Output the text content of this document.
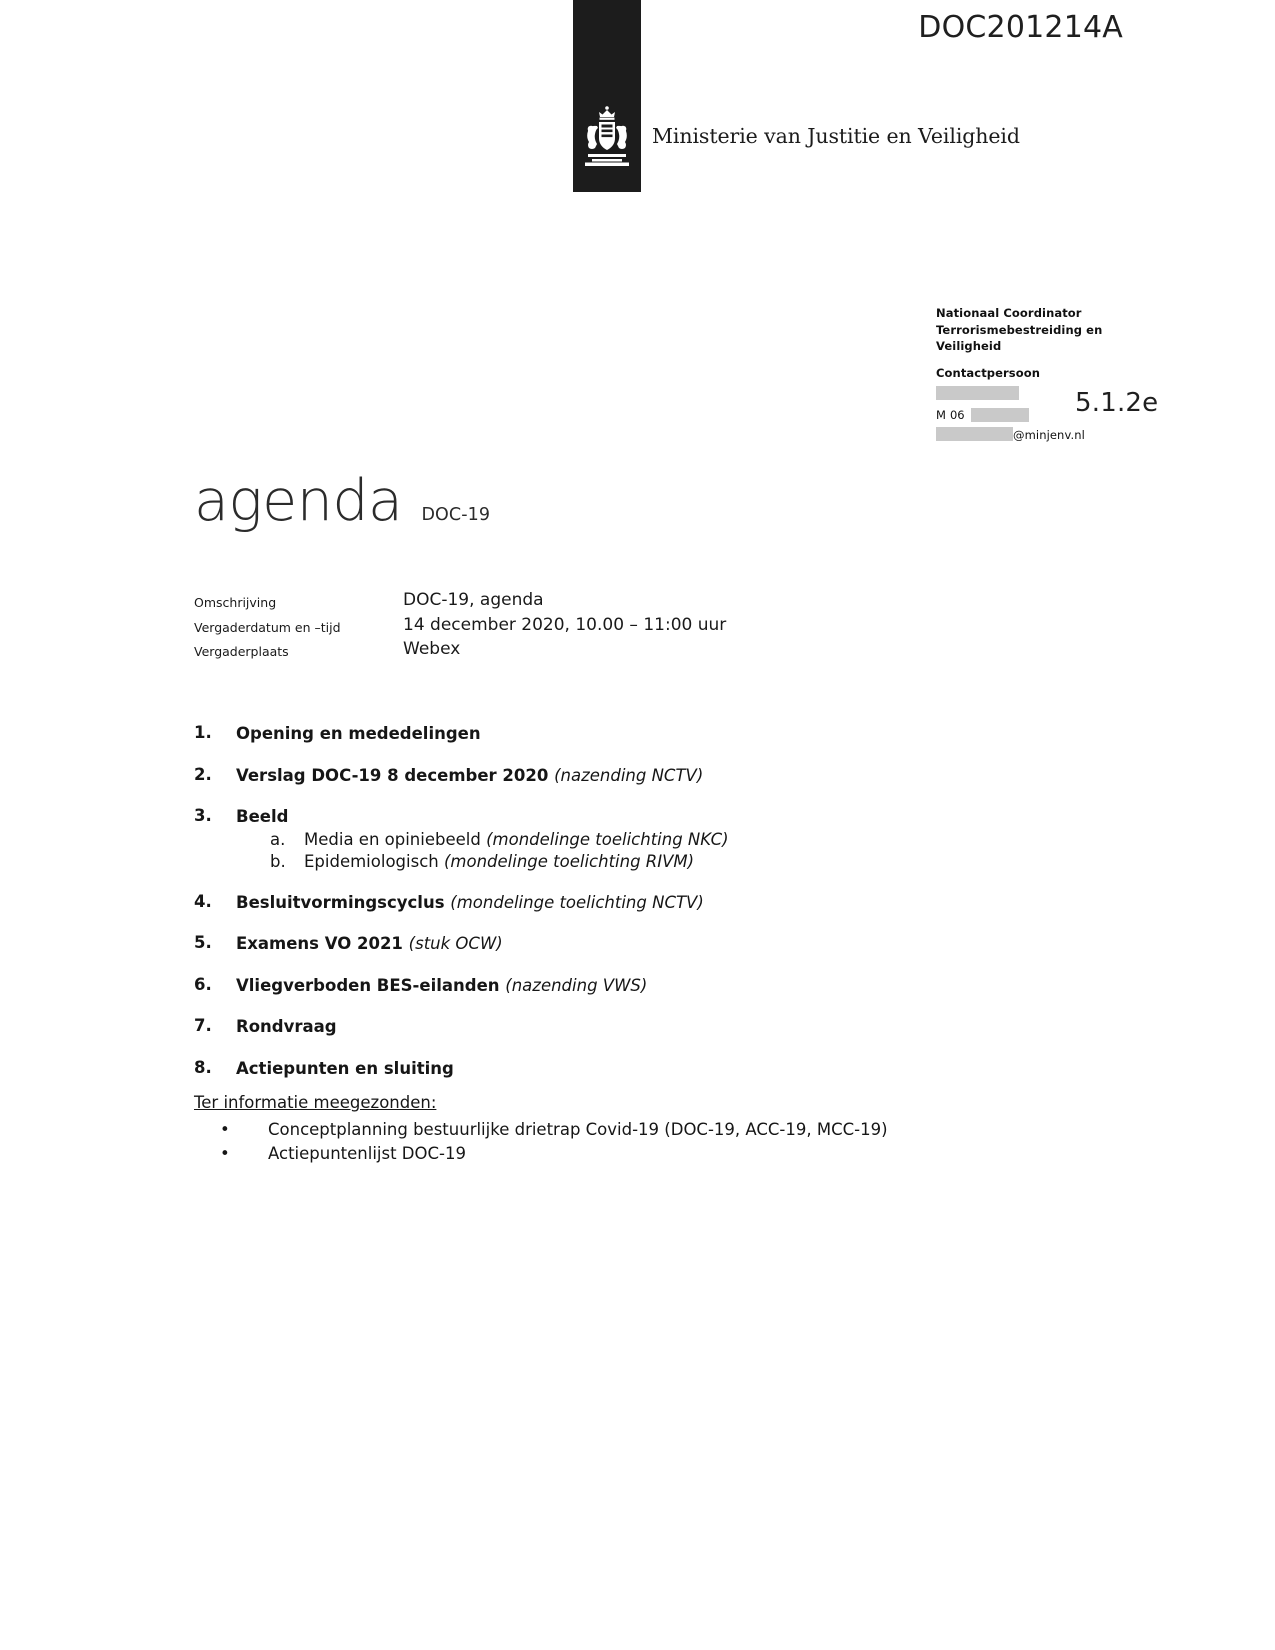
Ministerie van Justitie en Veiligheid
DOC201214A
Nationaal Coordinator
Terrorismebestreiding en
Veiligheid
Contactpersoon
M 06
@minjenv.nl
5.1.2e
agenda DOC-19
Omschrijving	DOC-19, agenda
Vergaderdatum en –tijd	14 december 2020, 10.00 – 11:00 uur
Vergaderplaats	Webex
1.	Opening en mededelingen
2.	Verslag DOC-19 8 december 2020 (nazending NCTV)
3.	Beeld
a.	Media en opiniebeeld (mondelinge toelichting NKC)
b.	Epidemiologisch (mondelinge toelichting RIVM)
4.	Besluitvormingscyclus (mondelinge toelichting NCTV)
5.	Examens VO 2021 (stuk OCW)
6.	Vliegverboden BES-eilanden (nazending VWS)
7.	Rondvraag
8.	Actiepunten en sluiting
Ter informatie meegezonden:
•	Conceptplanning bestuurlijke drietrap Covid-19 (DOC-19, ACC-19, MCC-19)
•	Actiepuntenlijst DOC-19
